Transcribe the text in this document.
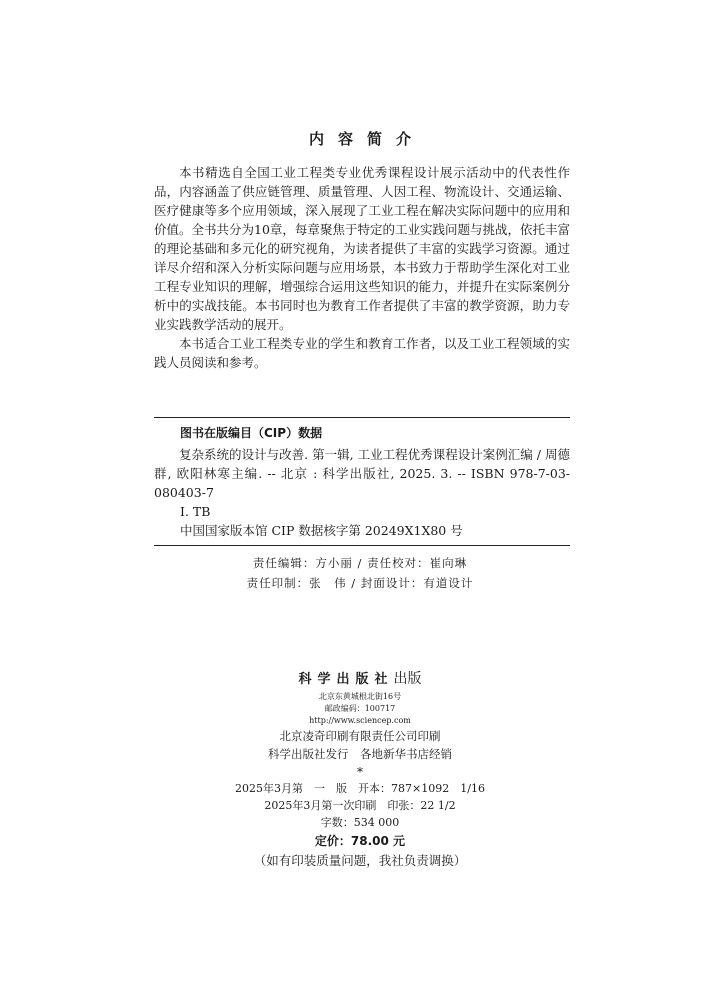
内容简介

本书精选自全国工业工程类专业优秀课程设计展示活动中的代表性作品，内容涵盖了供应链管理、质量管理、人因工程、物流设计、交通运输、医疗健康等多个应用领域，深入展现了工业工程在解决实际问题中的应用和价值。全书共分为10章，每章聚焦于特定的工业实践问题与挑战，依托丰富的理论基础和多元化的研究视角，为读者提供了丰富的实践学习资源。通过详尽介绍和深入分析实际问题与应用场景，本书致力于帮助学生深化对工业工程专业知识的理解，增强综合运用这些知识的能力，并提升在实际案例分析中的实战技能。本书同时也为教育工作者提供了丰富的教学资源，助力专业实践教学活动的展开。

本书适合工业工程类专业的学生和教育工作者，以及工业工程领域的实践人员阅读和参考。

图书在版编目（CIP）数据

复杂系统的设计与改善. 第一辑, 工业工程优秀课程设计案例汇编 / 周德群, 欧阳林寒主编. -- 北京 : 科学出版社, 2025. 3. -- ISBN 978-7-03-080403-7

Ⅰ. TB
中国国家版本馆 CIP 数据核字第 20249X1X80 号
责任编辑：方小丽 / 责任校对：崔向琳
责任印制：张　伟 / 封面设计：有道设计
科学出版社出版
北京东黄城根北街16号
邮政编码：100717
http://www.sciencep.com
北京凌奇印刷有限责任公司印刷
科学出版社发行　各地新华书店经销
*
2025年3月第　一　版　开本：787×1092　1/16
2025年3月第一次印刷　印张：22 1/2
字数：534 000
定价：78.00 元
（如有印装质量问题，我社负责调换）
